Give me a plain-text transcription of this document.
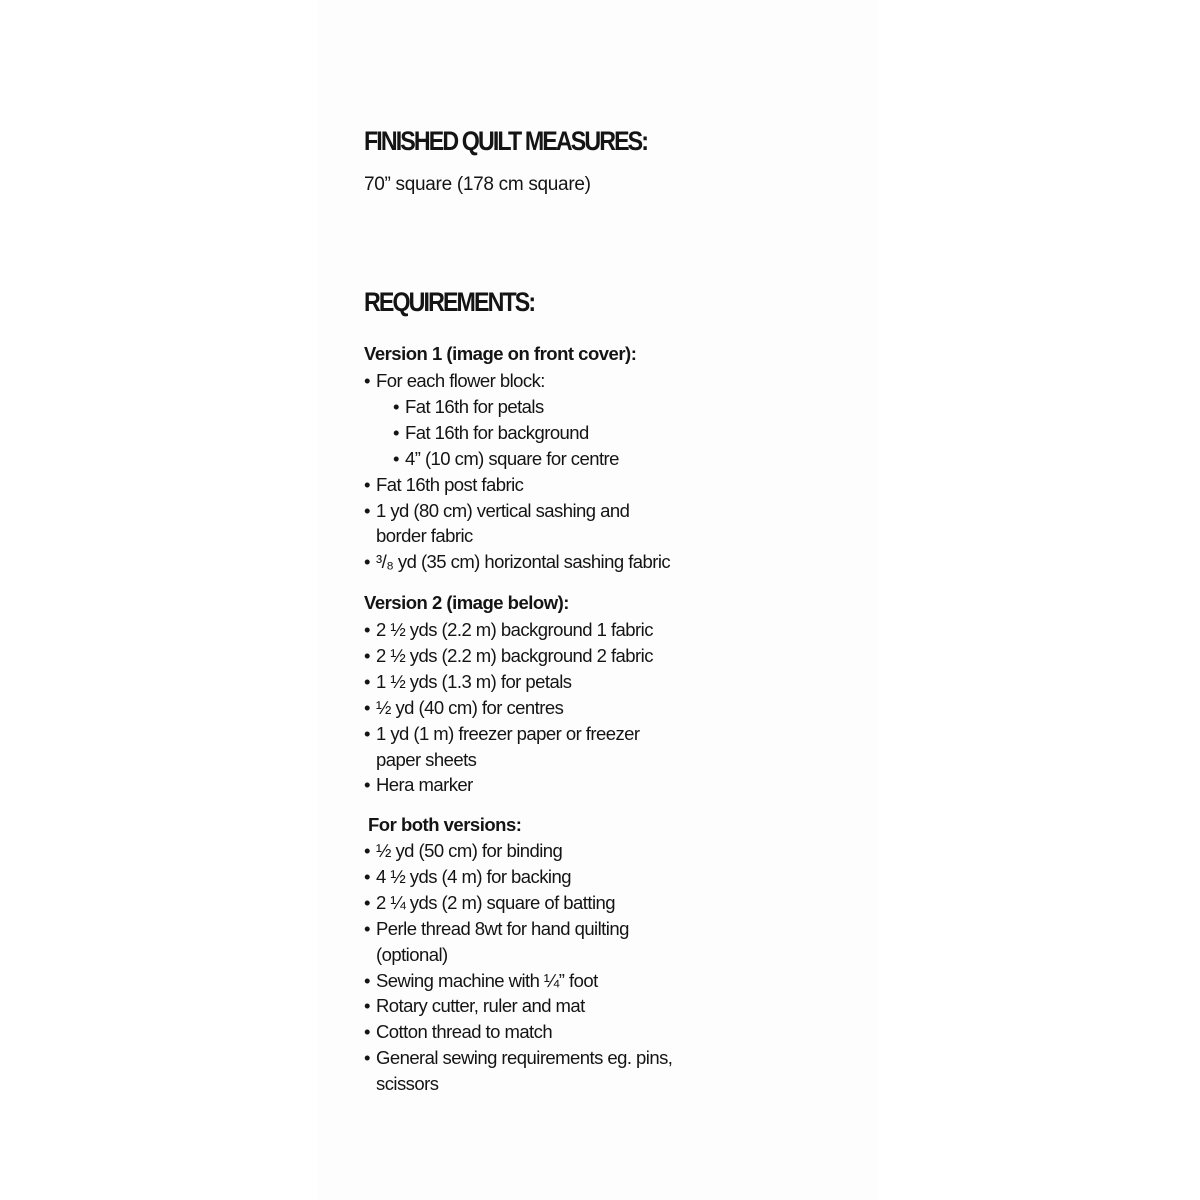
FINISHED QUILT MEASURES:

70” square (178 cm square)

REQUIREMENTS:

Version 1 (image on front cover):

• For each flower block:
• Fat 16th for petals
• Fat 16th for background
• 4” (10 cm) square for centre
• Fat 16th post fabric
• 1 yd (80 cm) vertical sashing and
border fabric
• ³/₈ yd (35 cm) horizontal sashing fabric

Version 2 (image below):

• 2 ½ yds (2.2 m) background 1 fabric
• 2 ½ yds (2.2 m) background 2 fabric
• 1 ½ yds (1.3 m) for petals
• ½ yd (40 cm) for centres
• 1 yd (1 m) freezer paper or freezer
paper sheets
• Hera marker

For both versions:

• ½ yd (50 cm) for binding
• 4 ½ yds (4 m) for backing
• 2 ¼ yds (2 m) square of batting
• Perle thread 8wt for hand quilting
(optional)
• Sewing machine with ¼” foot
• Rotary cutter, ruler and mat
• Cotton thread to match
• General sewing requirements eg. pins,
scissors
